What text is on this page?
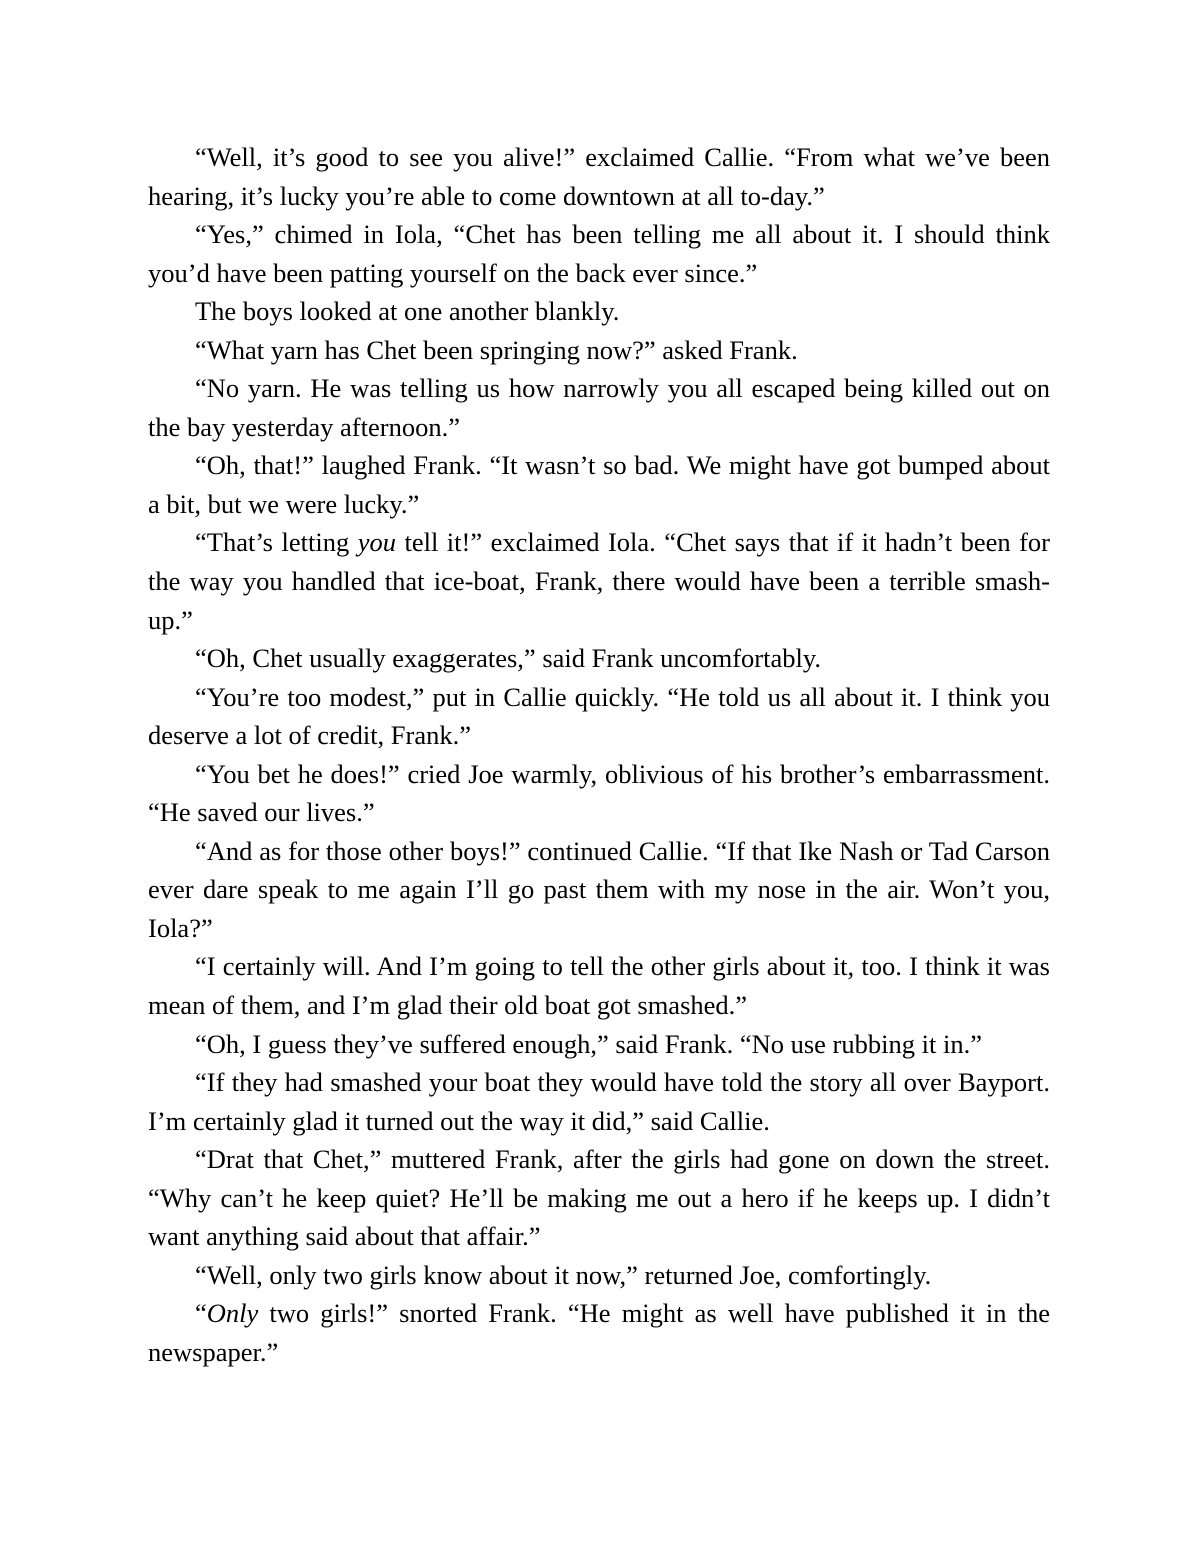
“Well, it’s good to see you alive!” exclaimed Callie. “From what we’ve been hearing, it’s lucky you’re able to come downtown at all to-day.”

“Yes,” chimed in Iola, “Chet has been telling me all about it. I should think you’d have been patting yourself on the back ever since.”

The boys looked at one another blankly.

“What yarn has Chet been springing now?” asked Frank.

“No yarn. He was telling us how narrowly you all escaped being killed out on the bay yesterday afternoon.”

“Oh, that!” laughed Frank. “It wasn’t so bad. We might have got bumped about a bit, but we were lucky.”

“That’s letting you tell it!” exclaimed Iola. “Chet says that if it hadn’t been for the way you handled that ice-boat, Frank, there would have been a terrible smash-up.”

“Oh, Chet usually exaggerates,” said Frank uncomfortably.

“You’re too modest,” put in Callie quickly. “He told us all about it. I think you deserve a lot of credit, Frank.”

“You bet he does!” cried Joe warmly, oblivious of his brother’s embarrassment. “He saved our lives.”

“And as for those other boys!” continued Callie. “If that Ike Nash or Tad Carson ever dare speak to me again I’ll go past them with my nose in the air. Won’t you, Iola?”

“I certainly will. And I’m going to tell the other girls about it, too. I think it was mean of them, and I’m glad their old boat got smashed.”

“Oh, I guess they’ve suffered enough,” said Frank. “No use rubbing it in.”

“If they had smashed your boat they would have told the story all over Bayport. I’m certainly glad it turned out the way it did,” said Callie.

“Drat that Chet,” muttered Frank, after the girls had gone on down the street. “Why can’t he keep quiet? He’ll be making me out a hero if he keeps up. I didn’t want anything said about that affair.”

“Well, only two girls know about it now,” returned Joe, comfortingly.

“Only two girls!” snorted Frank. “He might as well have published it in the newspaper.”
